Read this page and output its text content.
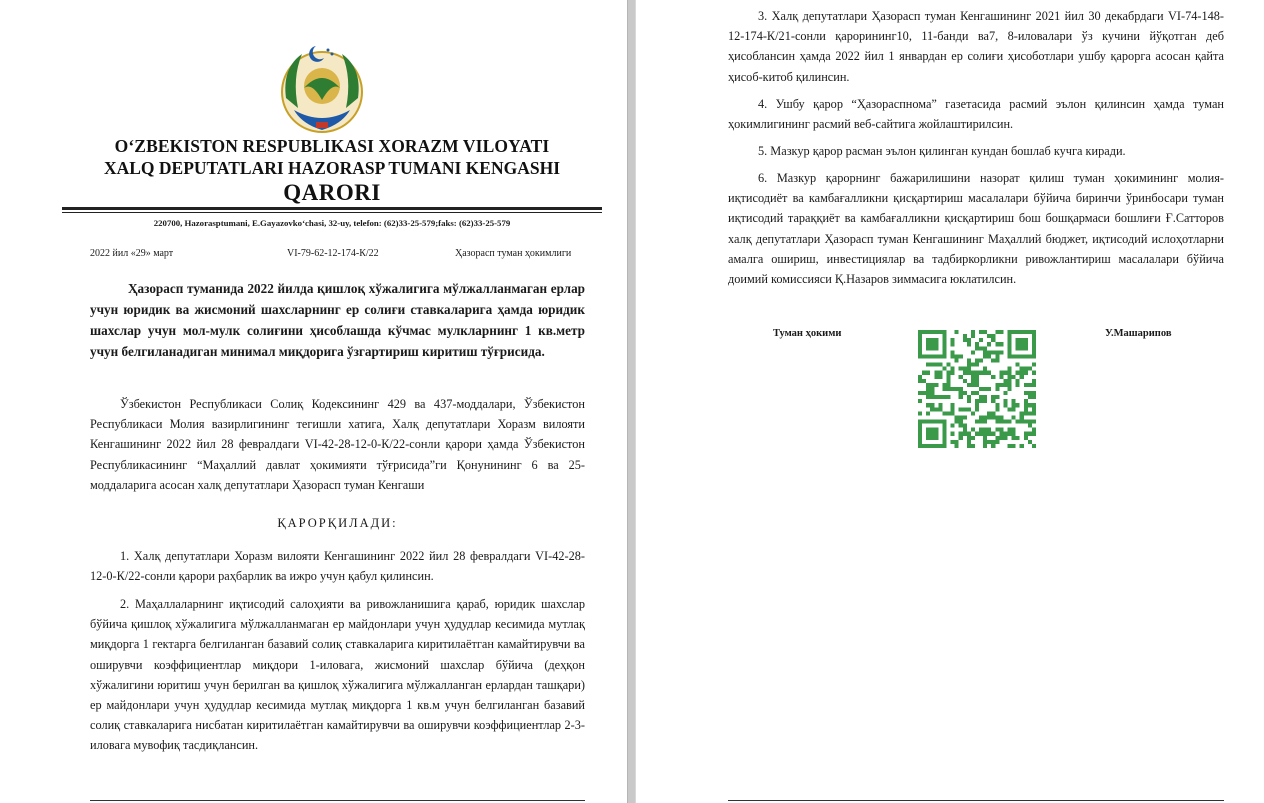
O‘ZBEKISTON RESPUBLIKASI XORAZM VILOYATI
XALQ DEPUTATLARI HAZORASP TUMANI KENGASHI
QARORI
220700, Hazorasptumani, E.Gayazovko‘chasi, 32-uy, telefon: (62)33-25-579;faks: (62)33-25-579
2022 йил «29» март	VI-79-62-12-174-К/22	Ҳазорасп туман ҳокимлиги
Ҳазорасп туманида 2022 йилда қишлоқ хўжалигига мўлжалланмаган ерлар учун юридик ва жисмоний шахсларнинг ер солиғи ставкаларига ҳамда юридик шахслар учун мол-мулк солиғини ҳисоблашда кўчмас мулкларнинг 1 кв.метр учун белгиланадиган минимал миқдорига ўзгартириш киритиш тўғрисида.

Ўзбекистон Республикаси Солиқ Кодексининг 429 ва 437-моддалари, Ўзбекистон Республикаси Молия вазирлигининг тегишли хатига, Халқ депутатлари Хоразм вилояти Кенгашининг 2022 йил 28 февралдаги VI-42-28-12-0-К/22-сонли қарори ҳамда Ўзбекистон Республикасининг “Маҳаллий давлат ҳокимияти тўғрисида”ги Қонунининг 6 ва 25-моддаларига асосан халқ депутатлари Ҳазорасп туман Кенгаши

ҚАРОРҚИЛАДИ:

1. Халқ депутатлари Хоразм вилояти Кенгашининг 2022 йил 28 февралдаги VI-42-28-12-0-К/22-сонли қарори раҳбарлик ва ижро учун қабул қилинсин.

2. Маҳаллаларнинг иқтисодий салоҳияти ва ривожланишига қараб, юридик шахслар бўйича қишлоқ хўжалигига мўлжалланмаган ер майдонлари учун ҳудудлар кесимида мутлақ миқдорга 1 гектарга белгиланган базавий солиқ ставкаларига киритилаётган камайтирувчи ва оширувчи коэффициентлар миқдори 1-иловага, жисмоний шахслар бўйича (деҳқон хўжалигини юритиш учун берилган ва қишлоқ хўжалигига мўлжалланган ерлардан ташқари) ер майдонлари учун ҳудудлар кесимида мутлақ миқдорга 1 кв.м учун белгиланган базавий солиқ ставкаларига нисбатан киритилаётган камайтирувчи ва оширувчи коэффициентлар 2-3-иловага мувофиқ тасдиқлансин.

3. Халқ депутатлари Ҳазорасп туман Кенгашининг 2021 йил 30 декабрдаги VI-74-148-12-174-К/21-сонли қарорининг10, 11-банди ва7, 8-иловалари ўз кучини йўқотган деб ҳисоблансин ҳамда 2022 йил 1 январдан ер солиғи ҳисоботлари ушбу қарорга асосан қайта ҳисоб-китоб қилинсин.

4. Ушбу қарор “Ҳазораспнома” газетасида расмий эълон қилинсин ҳамда туман ҳокимлигининг расмий веб-сайтига жойлаштирилсин.

5. Мазкур қарор расман эълон қилинган кундан бошлаб кучга киради.

6. Мазкур қарорнинг бажарилишини назорат қилиш туман ҳокимининг молия-иқтисодиёт ва камбағалликни қисқартириш масалалари бўйича биринчи ўринбосари туман иқтисодий тараққиёт ва камбағалликни қисқартириш бош бошқармаси бошлиғи Ғ.Сатторов халқ депутатлари Ҳазорасп туман Кенгашининг Маҳаллий бюджет, иқтисодий ислоҳотларни амалга ошириш, инвестициялар ва тадбиркорликни ривожлантириш масалалари бўйича доимий комиссияси Қ.Назаров зиммасига юклатилсин.

Туман ҳокими	У.Машарипов
